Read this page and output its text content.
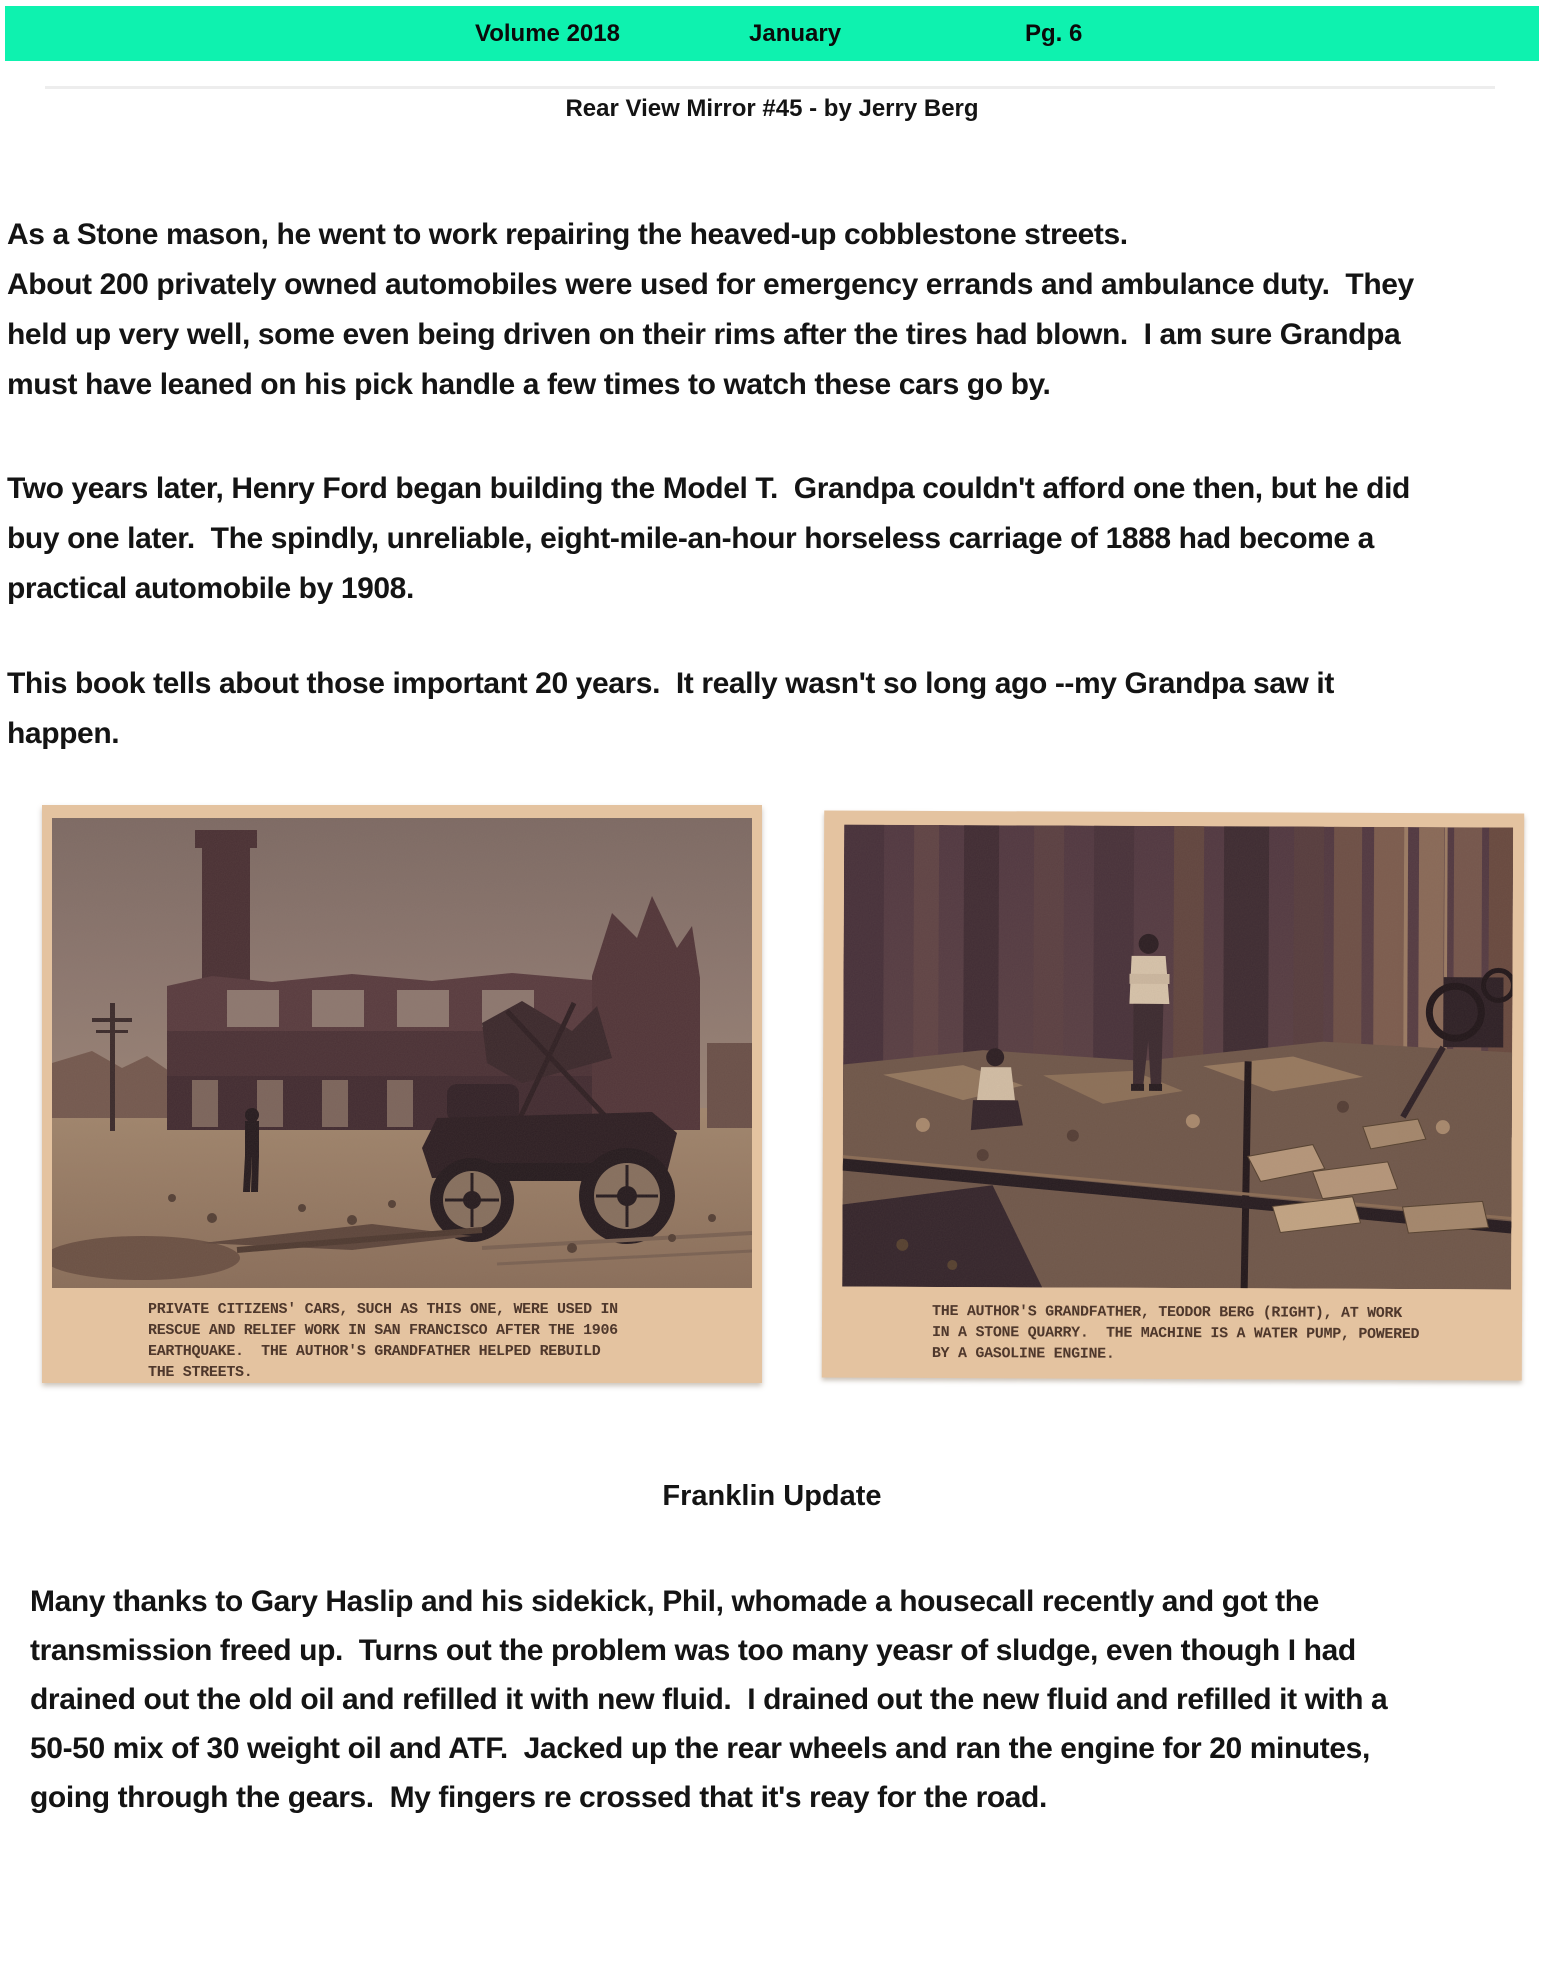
Volume 2018	January	Pg. 6
Rear View Mirror #45 - by Jerry Berg
As a Stone mason, he went to work repairing the heaved-up cobblestone streets.
About 200 privately owned automobiles were used for emergency errands and ambulance duty.  They
held up very well, some even being driven on their rims after the tires had blown.  I am sure Grandpa
must have leaned on his pick handle a few times to watch these cars go by.
Two years later, Henry Ford began building the Model T.  Grandpa couldn't afford one then, but he did
buy one later.  The spindly, unreliable, eight-mile-an-hour horseless carriage of 1888 had become a
practical automobile by 1908.
This book tells about those important 20 years.  It really wasn't so long ago --my Grandpa saw it
happen.
PRIVATE CITIZENS' CARS, SUCH AS THIS ONE, WERE USED IN
RESCUE AND RELIEF WORK IN SAN FRANCISCO AFTER THE 1906
EARTHQUAKE.  THE AUTHOR'S GRANDFATHER HELPED REBUILD
THE STREETS.
THE AUTHOR'S GRANDFATHER, TEODOR BERG (RIGHT), AT WORK
IN A STONE QUARRY.  THE MACHINE IS A WATER PUMP, POWERED
BY A GASOLINE ENGINE.
Franklin Update
Many thanks to Gary Haslip and his sidekick, Phil, whomade a housecall recently and got the
transmission freed up.  Turns out the problem was too many yeasr of sludge, even though I had
drained out the old oil and refilled it with new fluid.  I drained out the new fluid and refilled it with a
50-50 mix of 30 weight oil and ATF.  Jacked up the rear wheels and ran the engine for 20 minutes,
going through the gears.  My fingers re crossed that it's reay for the road.
